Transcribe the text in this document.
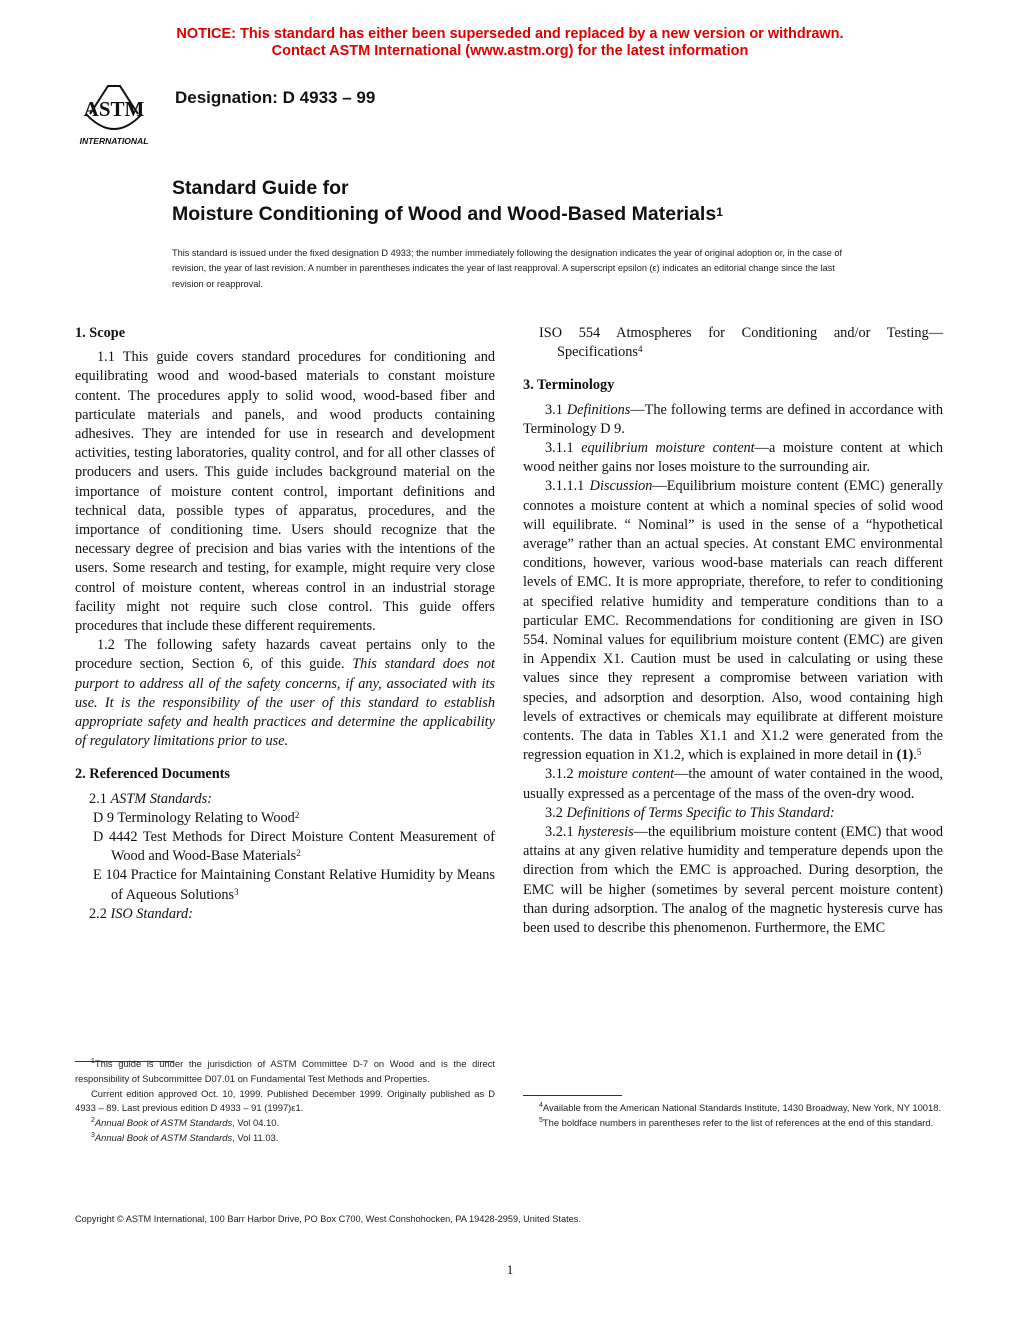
NOTICE: This standard has either been superseded and replaced by a new version or withdrawn.
Contact ASTM International (www.astm.org) for the latest information
ASTM
INTERNATIONAL
Designation: D 4933 – 99
Standard Guide for
Moisture Conditioning of Wood and Wood-Based Materials$^1$
This standard is issued under the fixed designation D 4933; the number immediately following the designation indicates the year of original adoption or, in the case of revision, the year of last revision. A number in parentheses indicates the year of last reapproval. A superscript epsilon (ε) indicates an editorial change since the last revision or reapproval.

1. Scope

1.1 This guide covers standard procedures for conditioning and equilibrating wood and wood-based materials to constant moisture content. The procedures apply to solid wood, wood-based fiber and particulate materials and panels, and wood products containing adhesives. They are intended for use in research and development activities, testing laboratories, quality control, and for all other classes of producers and users. This guide includes background material on the importance of moisture content control, important definitions and technical data, possible types of apparatus, procedures, and the importance of conditioning time. Users should recognize that the necessary degree of precision and bias varies with the intentions of the users. Some research and testing, for example, might require very close control of moisture content, whereas control in an industrial storage facility might not require such close control. This guide offers procedures that include these different requirements.

1.2 The following safety hazards caveat pertains only to the procedure section, Section 6, of this guide. This standard does not purport to address all of the safety concerns, if any, associated with its use. It is the responsibility of the user of this standard to establish appropriate safety and health practices and determine the applicability of regulatory limitations prior to use.

2. Referenced Documents

2.1 ASTM Standards:

D 9 Terminology Relating to Wood$^2$

D 4442 Test Methods for Direct Moisture Content Measurement of Wood and Wood-Base Materials$^2$

E 104 Practice for Maintaining Constant Relative Humidity by Means of Aqueous Solutions$^3$

2.2 ISO Standard:

ISO 554 Atmospheres for Conditioning and/or Testing—Specifications$^4$

3. Terminology

3.1 Definitions—The following terms are defined in accordance with Terminology D 9.

3.1.1 equilibrium moisture content—a moisture content at which wood neither gains nor loses moisture to the surrounding air.

3.1.1.1 Discussion—Equilibrium moisture content (EMC) generally connotes a moisture content at which a nominal species of solid wood will equilibrate. “ Nominal” is used in the sense of a “hypothetical average” rather than an actual species. At constant EMC environmental conditions, however, various wood-base materials can reach different levels of EMC. It is more appropriate, therefore, to refer to conditioning at specified relative humidity and temperature conditions than to a particular EMC. Recommendations for conditioning are given in ISO 554. Nominal values for equilibrium moisture content (EMC) are given in Appendix X1. Caution must be used in calculating or using these values since they represent a compromise between variation with species, and adsorption and desorption. Also, wood containing high levels of extractives or chemicals may equilibrate at different moisture contents. The data in Tables X1.1 and X1.2 were generated from the regression equation in X1.2, which is explained in more detail in (1).$^5$

3.1.2 moisture content—the amount of water contained in the wood, usually expressed as a percentage of the mass of the oven-dry wood.

3.2 Definitions of Terms Specific to This Standard:

3.2.1 hysteresis—the equilibrium moisture content (EMC) that wood attains at any given relative humidity and temperature depends upon the direction from which the EMC is approached. During desorption, the EMC will be higher (sometimes by several percent moisture content) than during adsorption. The analog of the magnetic hysteresis curve has been used to describe this phenomenon. Furthermore, the EMC

$^1$This guide is under the jurisdiction of ASTM Committee D-7 on Wood and is the direct responsibility of Subcommittee D07.01 on Fundamental Test Methods and Properties.

Current edition approved Oct. 10, 1999. Published December 1999. Originally published as D 4933 – 89. Last previous edition D 4933 – 91 (1997)ε1.

$^2$Annual Book of ASTM Standards, Vol 04.10.

$^3$Annual Book of ASTM Standards, Vol 11.03.

$^4$Available from the American National Standards Institute, 1430 Broadway, New York, NY 10018.

$^5$The boldface numbers in parentheses refer to the list of references at the end of this standard.

Copyright © ASTM International, 100 Barr Harbor Drive, PO Box C700, West Conshohocken, PA 19428-2959, United States.
1
